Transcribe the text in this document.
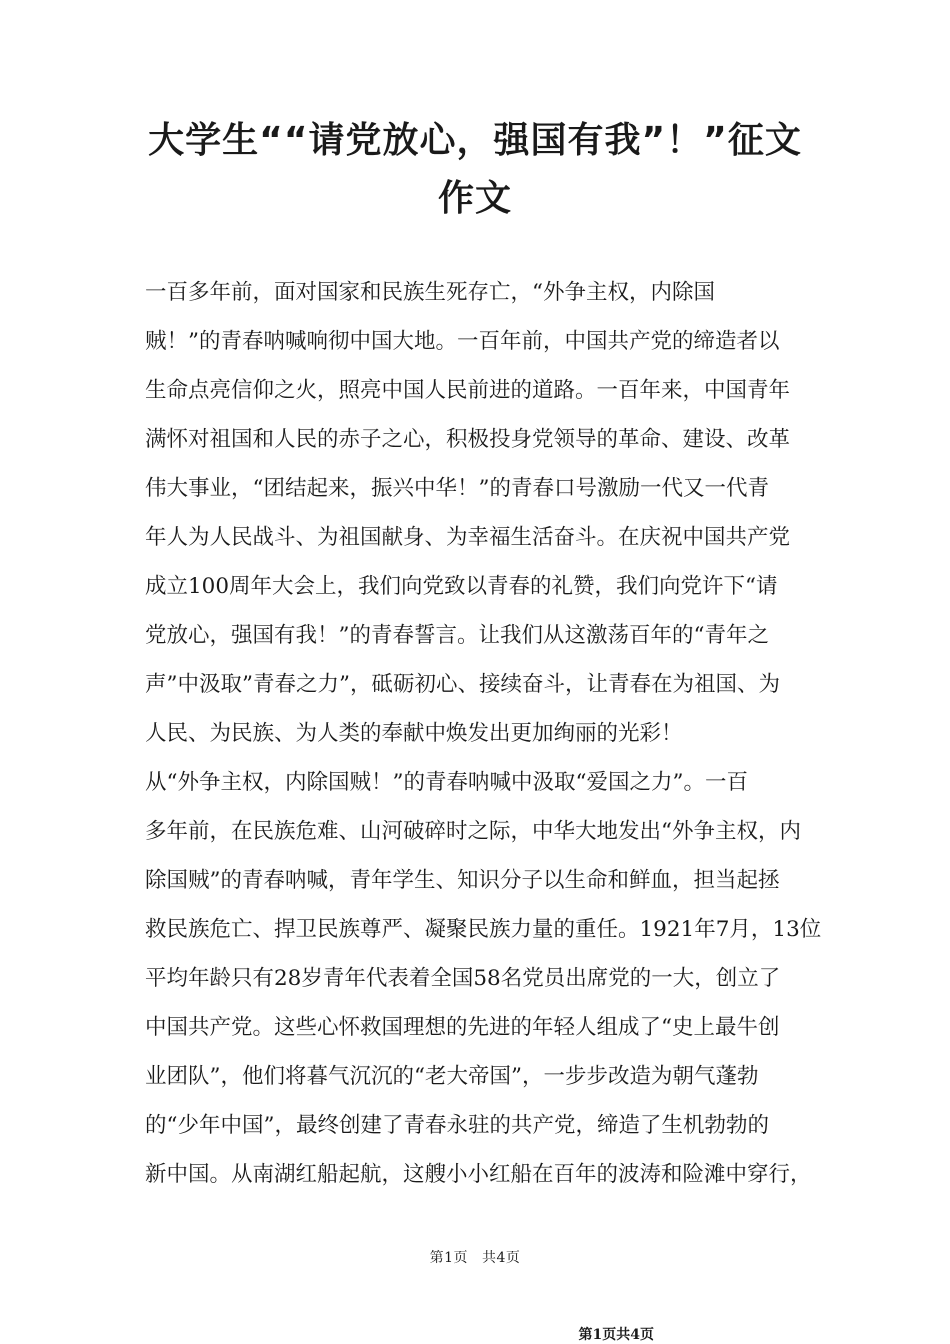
大学生““请党放心，强国有我”！”征文
作文

一百多年前，面对国家和民族生死存亡，“外争主权，内除国
贼！”的青春呐喊响彻中国大地。一百年前，中国共产党的缔造者以
生命点亮信仰之火，照亮中国人民前进的道路。一百年来，中国青年
满怀对祖国和人民的赤子之心，积极投身党领导的革命、建设、改革
伟大事业，“团结起来，振兴中华！”的青春口号激励一代又一代青
年人为人民战斗、为祖国献身、为幸福生活奋斗。在庆祝中国共产党
成立100周年大会上，我们向党致以青春的礼赞，我们向党许下“请
党放心，强国有我！”的青春誓言。让我们从这激荡百年的“青年之
声”中汲取”青春之力”，砥砺初心、接续奋斗，让青春在为祖国、为
人民、为民族、为人类的奉献中焕发出更加绚丽的光彩！

从“外争主权，内除国贼！”的青春呐喊中汲取“爱国之力”。一百
多年前，在民族危难、山河破碎时之际，中华大地发出“外争主权，内
除国贼”的青春呐喊，青年学生、知识分子以生命和鲜血，担当起拯
救民族危亡、捍卫民族尊严、凝聚民族力量的重任。1921年7月，13位
平均年龄只有28岁青年代表着全国58名党员出席党的一大，创立了
中国共产党。这些心怀救国理想的先进的年轻人组成了“史上最牛创
业团队”，他们将暮气沉沉的“老大帝国”，一步步改造为朝气蓬勃
的“少年中国”，最终创建了青春永驻的共产党，缔造了生机勃勃的
新中国。从南湖红船起航，这艘小小红船在百年的波涛和险滩中穿行，

第1页 共4页
第1页共4页
